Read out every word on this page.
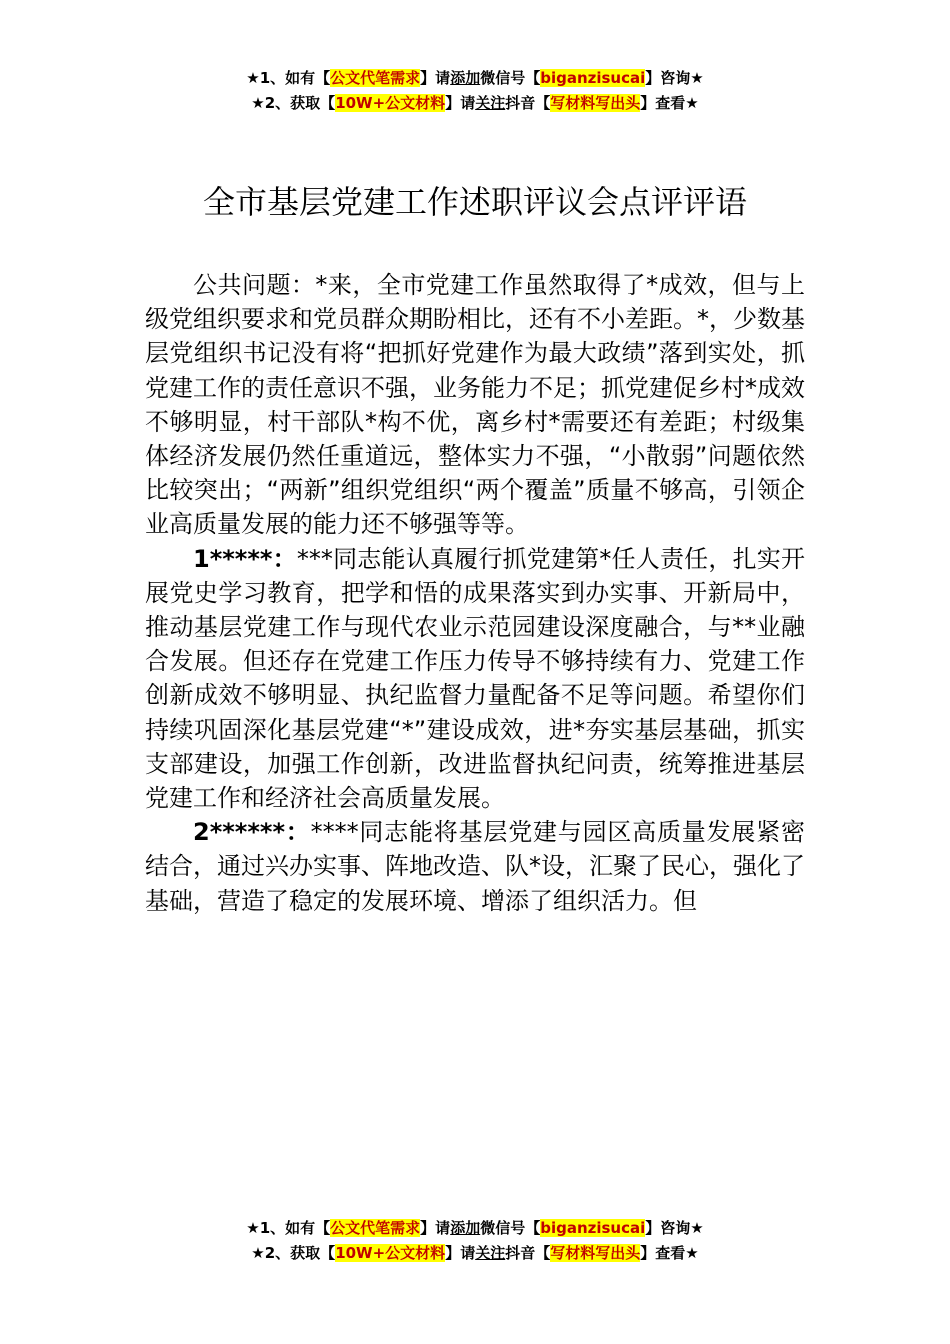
★1、如有【公文代笔需求】请添加微信号【biganzisucai】咨询★
★2、获取【10W+公文材料】请关注抖音【写材料写出头】查看★
全市基层党建工作述职评议会点评评语

公共问题：*来，全市党建工作虽然取得了*成效，但与上级党组织要求和党员群众期盼相比，还有不小差距。*，少数基层党组织书记没有将“把抓好党建作为最大政绩”落到实处，抓党建工作的责任意识不强，业务能力不足；抓党建促乡村*成效不够明显，村干部队*构不优，离乡村*需要还有差距；村级集体经济发展仍然任重道远，整体实力不强，“小散弱”问题依然比较突出；“两新”组织党组织“两个覆盖”质量不够高，引领企业高质量发展的能力还不够强等等。

1*****：***同志能认真履行抓党建第*任人责任，扎实开展党史学习教育，把学和悟的成果落实到办实事、开新局中，推动基层党建工作与现代农业示范园建设深度融合，与**业融合发展。但还存在党建工作压力传导不够持续有力、党建工作创新成效不够明显、执纪监督力量配备不足等问题。希望你们持续巩固深化基层党建“*”建设成效，进*夯实基层基础，抓实支部建设，加强工作创新，改进监督执纪问责，统筹推进基层党建工作和经济社会高质量发展。

2******：****同志能将基层党建与园区高质量发展紧密结合，通过兴办实事、阵地改造、队*设，汇聚了民心，强化了基础，营造了稳定的发展环境、增添了组织活力。但

★1、如有【公文代笔需求】请添加微信号【biganzisucai】咨询★
★2、获取【10W+公文材料】请关注抖音【写材料写出头】查看★
